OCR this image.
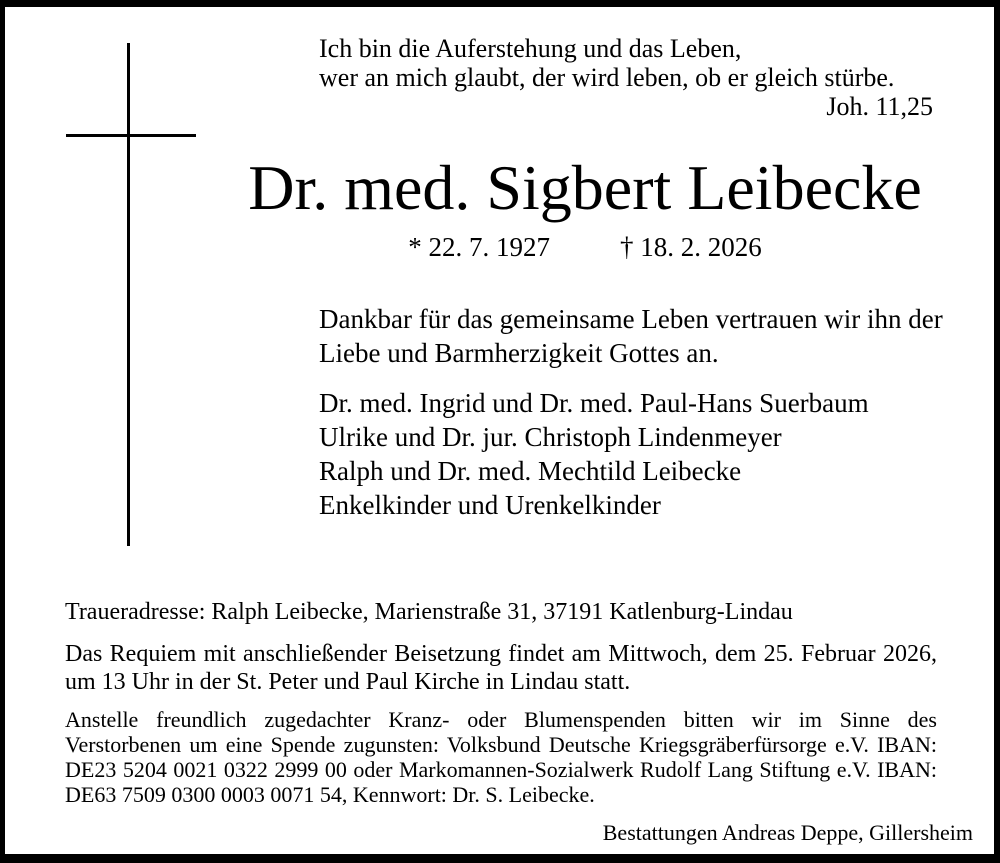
Ich bin die Auferstehung und das Leben,
wer an mich glaubt, der wird leben, ob er gleich stürbe.
Joh. 11,25
Dr. med. Sigbert Leibecke
* 22. 7. 1927	† 18. 2. 2026
Dankbar für das gemeinsame Leben vertrauen wir ihn der
Liebe und Barmherzigkeit Gottes an.
Dr. med. Ingrid und Dr. med. Paul-Hans Suerbaum
Ulrike und Dr. jur. Christoph Lindenmeyer
Ralph und Dr. med. Mechtild Leibecke
Enkelkinder und Urenkelkinder
Traueradresse: Ralph Leibecke, Marienstraße 31, 37191 Katlenburg-Lindau
Das Requiem mit anschließender Beisetzung findet am Mittwoch, dem 25. Februar 2026,
um 13 Uhr in der St. Peter und Paul Kirche in Lindau statt.
Anstelle freundlich zugedachter Kranz- oder Blumenspenden bitten wir im Sinne des
Verstorbenen um eine Spende zugunsten: Volksbund Deutsche Kriegsgräberfürsorge e.V. IBAN:
DE23 5204 0021 0322 2999 00 oder Markomannen-Sozialwerk Rudolf Lang Stiftung e.V. IBAN:
DE63 7509 0300 0003 0071 54, Kennwort: Dr. S. Leibecke.
Bestattungen Andreas Deppe, Gillersheim
